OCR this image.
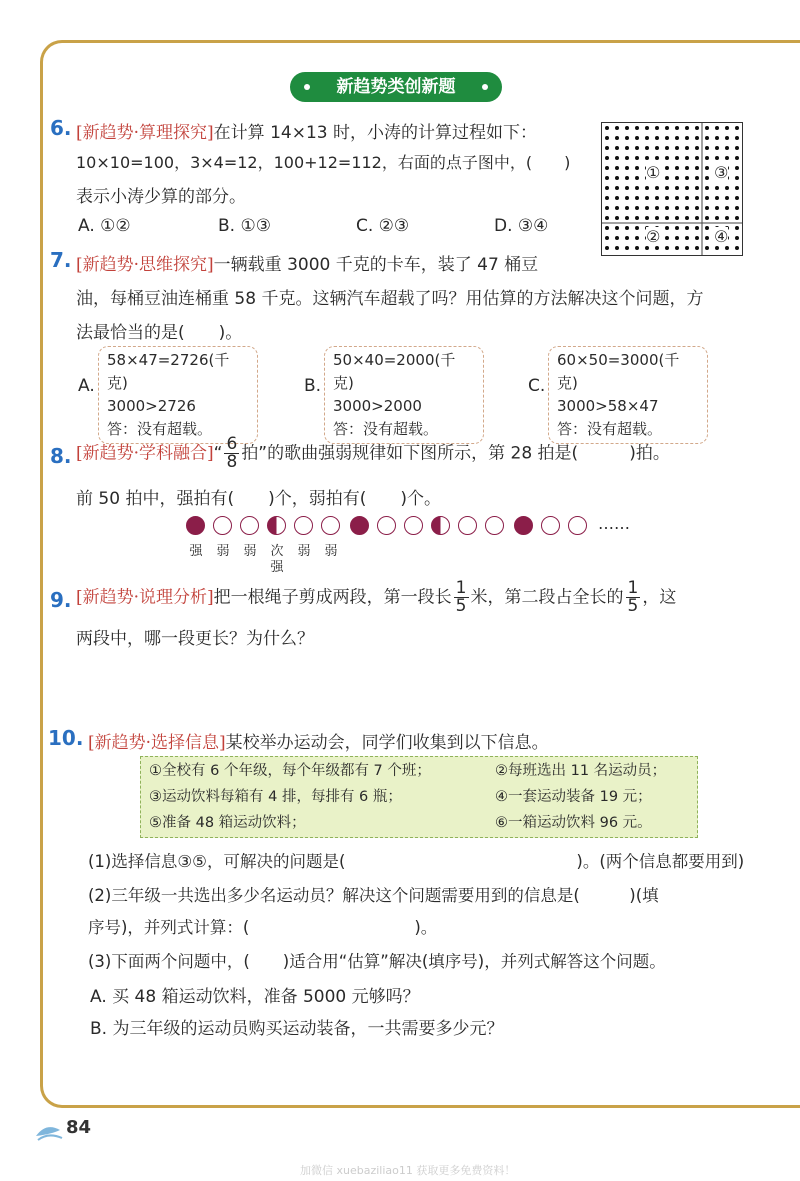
新趋势类创新题
6. [新趋势·算理探究]在计算 14×13 时，小涛的计算过程如下：
10×10=100，3×4=12，100+12=112，右面的点子图中，(　　)
表示小涛少算的部分。
A. ①②	B. ①③	C. ②③	D. ③④
①	③
②	④
7. [新趋势·思维探究]一辆载重 3000 千克的卡车，装了 47 桶豆
油，每桶豆油连桶重 58 千克。这辆汽车超载了吗？用估算的方法解决这个问题，方
法最恰当的是(　　)。
A.
58×47=2726(千克)
3000>2726
答：没有超载。
B.
50×40=2000(千克)
3000>2000
答：没有超载。
C.
60×50=3000(千克)
3000>58×47
答：没有超载。
8. [新趋势·学科融合]“ $\frac{6}{8}$ 拍”的歌曲强弱规律如下图所示，第 28 拍是(　　　)拍。
前 50 拍中，强拍有(　　)个，弱拍有(　　)个。
……
强 弱 弱 次 弱 弱
强
9. [新趋势·说理分析]把一根绳子剪成两段，第一段长 $\frac{1}{5}$ 米，第二段占全长的 $\frac{1}{5}$ ，这
两段中，哪一段更长？为什么？
10. [新趋势·选择信息]某校举办运动会，同学们收集到以下信息。
①全校有 6 个年级，每个年级都有 7 个班；	②每班选出 11 名运动员；
③运动饮料每箱有 4 排，每排有 6 瓶；	④一套运动装备 19 元；
⑤准备 48 箱运动饮料；	⑥一箱运动饮料 96 元。
(1)选择信息③⑤，可解决的问题是(　　　　　　　　　　　　　　)。(两个信息都要用到)
(2)三年级一共选出多少名运动员？解决这个问题需要用到的信息是(　　　)(填
序号)，并列式计算：(　　　　　　　　　　)。
(3)下面两个问题中，(　　)适合用“估算”解决(填序号)，并列式解答这个问题。
A. 买 48 箱运动饮料，准备 5000 元够吗？
B. 为三年级的运动员购买运动装备，一共需要多少元？
84
加微信 xuebaziliao11 获取更多免费资料！
